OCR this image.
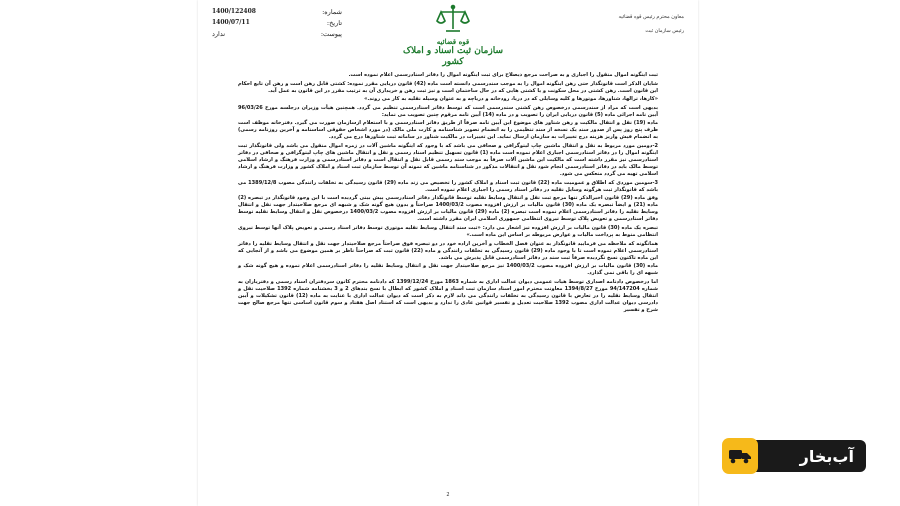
شماره:
1400/122408
تاریخ:
1400/07/11
پیوست:
ندارد
قوه قضائیه
سازمان ثبت اسناد و املاک کشور
معاون محترم رئیس قوه قضائیه
رئیس سازمان ثبت

ثبت اینگونه اموال منقول را اجباری و به صراحت مرجع ذیصلاح برای ثبت اینگونه اموال را دفاتر اسنادرسمی اعلام نموده است.

شایان الذکر است قانونگذار حتی رهن اینگونه اموال را به موجب سندرسمی دانسته است ماده (42) قانون دریایی مقرر نموده: کشتی قابل رهن است و رهن آن تابع احکام این قانون است. رهن کشتی در محل سکونت و یا کشتی هایی که در حال ساختمان است و نیز ثبت رهن و خریداری آن به ترتیب مقرر در این قانون به عمل آید.

«کارها، ترالها، شناورها، موتورها و کلیه وسایلی که در دریا، رودخانه و دریاچه و به عنوان وسیله نقلیه به کار می روند.»

بدیهی است که مراد از سندرسمی درخصوص رهن کشتی سندرسمی است که توسط دفاتر اسنادرسمی تنظیم می گردد. همچنین هیأت وزیران درجلسه مورخ 96/03/26 آیین نامه اجرائی ماده (5) قانون دریایی ایران را تصویب و در ماده (14) آیین نامه مرقوم چنین تصویب می نماید:

ماده (19) نقل و انتقال مالکیت و رهن شناور های موضوع این آیین نامه صرفاً از طریق دفاتر اسنادرسمی و با استعلام ازسازمان صورت می گیرد. دفترخانه موظف است ظرف پنج روز پس از صدور سند یک نسخه از سند تنظیمی را به انضمام تصویر شناسنامه و کارت ملی مالک (در مورد اشخاص حقوقی اساسنامه و آخرین روزنامه رسمی) به انضمام فیش واریز هزینه درج تغییرات به سازمان ارسال نماید. این تغییرات در مالکیت شناور در سامانه ثبت شناورها درج می گردد.

2-دومین مورد مربوط به نقل و انتقال ماشین چاپ لیتوگرافی و صحافی می باشد که با وجود که اینگونه ماشین آلات در زمره اموال منقول می باشد ولی قانونگذار ثبت اینگونه اموال را در دفاتر اسنادرسمی اجباری اعلام نموده است ماده (1) قانون تسهیل تنظیم اسناد رسمی و نقل و انتقال ماشین های چاپ لیتوگرافی و صحافی در دفاتر اسنادرسمی نیز مقرر داشته است که مالکیت این ماشین آلات صرفاً به موجب سند رسمی قابل نقل و انتقال است و دفاتر اسنادرسمی و وزارت فرهنگ و ارشاد اسلامی توسط مالک باید در دفاتر اسنادرسمی انجام شود نقل و انتقالات مذکور در شناسنامه ماشین که نمونه آن توسط سازمان ثبت اسناد و املاک کشور و وزارت فرهنگ و ارشاد اسلامی تهیه می گردد منعکس می شود.

3-سومین موردی که اطلاق و عمومیت ماده (22) قانون ثبت اسناد و املاک کشور را تخصیص می زند ماده (29) قانون رسیدگی به تخلفات رانندگی مصوب 1389/12/8 می باشد که قانونگذار ثبت هرگونه وسایل نقلیه در دفاتر اسناد رسمی را اجباری اعلام نموده است.

وفق ماده (29) قانون اخیرالذکر تنها مرجع ثبت نقل و انتقال وسایط نقلیه توسط قانونگذار دفاتر اسنادرسمی پیش بینی گردیده است با این وجود قانونگذار در تبصره (2) ماده (21) و ایضاً تبصره یک ماده (30) قانون مالیات بر ارزش افزوده مصوب 1400/03/2 صراحتاً و بدون هیچ گونه شک و شبهه ای مرجع صلاحیتدار جهت نقل و انتقال وسایط نقلیه را دفاتر اسنادرسمی اعلام نموده است تبصره (2) ماده (29) قانون مالیات بر ارزش افزوده مصوب 1400/03/2 درخصوص نقل و انتقال وسایط نقلیه توسط دفاتر اسنادرسمی و تعویض پلاک توسط نیروی انتظامی جمهوری اسلامی ایران مقرر داشته است.

تبصره یک ماده (30) قانون مالیات بر ارزش افزوده نیز اشعار می دارد: «ثبت سند انتقال وسایط نقلیه موتوری توسط دفاتر اسناد رسمی و تعویض پلاک آنها توسط نیروی انتظامی منوط به پرداخت مالیات و عوارض مربوطه بر اساس این ماده است.»

همانگونه که ملاحظه می فرمایید قانونگذار به عنوان فصل الخطاب و آخرین اراده خود در دو تبصره فوق صراحتاً مرجع صلاحیتدار جهت نقل و انتقال وسایط نقلیه را دفاتر اسنادرسمی اعلام نموده است تا با وجود ماده (29) قانون رسیدگی به تخلفات رانندگی و ماده (22) قانون ثبت که صراحتاً ناظر بر همین موضوع می باشد و از آنجایی که این ماده تاکنون نسخ نگردیده صرفاً ثبت سند در دفاتر اسنادرسمی قابل پذیرش می باشد.

ماده (30) قانون مالیات بر ارزش افزوده مصوب 1400/03/2 نیز مرجع صلاحیتدار جهت نقل و انتقال وسایط نقلیه را دفاتر اسنادرسمی اعلام نموده و هیچ گونه شک و شبهه ای را باقی نمی گذارد.

اما درخصوص دادنامه اصداری توسط هیات عمومی دیوان عدالت اداری به شماره 1863 مورخ 1399/12/24 که دادنامه محترم کانون سردفتران اسناد رسمی و دفتریاران به شماره 94/147204 مورخ 1394/8/27 معاونت محترم امور اسناد سازمان ثبت اسناد و املاک کشور که ابطال با نسخ بندهای 2 و 3 بخشنامه شماره 1392 صلاحیت نقل و انتقال وسایط نقلیه را در تعارض با قانون رسیدگی به تخلفات رانندگی می داند لازم به ذکر است که دیوان عدالت اداری با عنایت به ماده (12) قانون تشکیلات و آیین دادرسی دیوان عدالت اداری مصوب 1392 صلاحیت تعدیل و تفسیر قوانین عادی را ندارد و بدیهی است که استناد اصل هفتاد و سوم قانون اساسی تنها مرجع صالح جهت شرح و تفسیر

2
آب‌بخار
